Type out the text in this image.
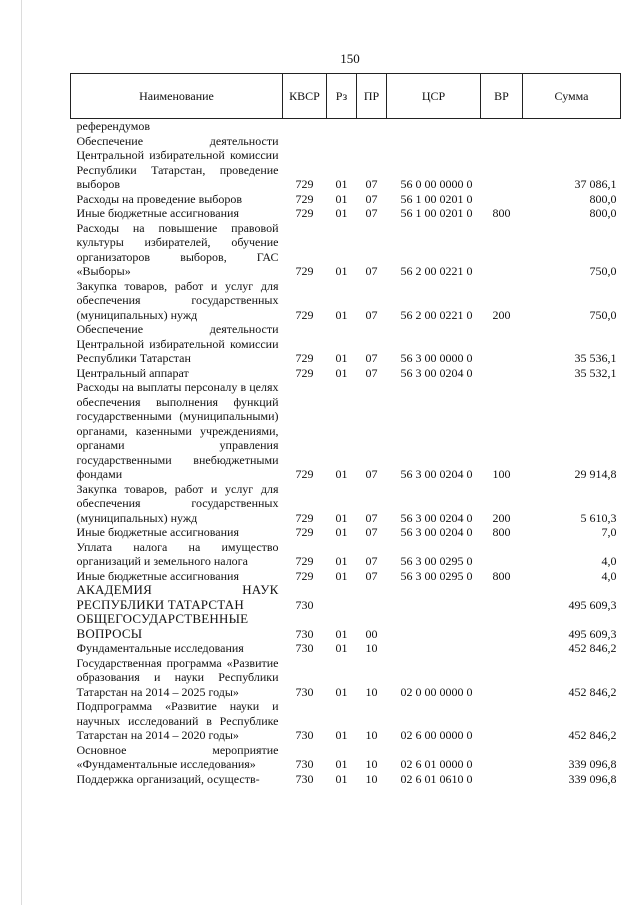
150
Наименование	КВСР	Рз	ПР	ЦСР	ВР	Сумма
референдумов						
Обеспечение деятельности Центральной избирательной комиссии Республики Татарстан, проведение выборов	729	01	07	56 0 00 0000 0		37 086,1
Расходы на проведение выборов	729	01	07	56 1 00 0201 0		800,0
Иные бюджетные ассигнования	729	01	07	56 1 00 0201 0	800	800,0
Расходы на повышение правовой культуры избирателей, обучение организаторов выборов, ГАС «Выборы»	729	01	07	56 2 00 0221 0		750,0
Закупка товаров, работ и услуг для обеспечения государственных (муниципальных) нужд	729	01	07	56 2 00 0221 0	200	750,0
Обеспечение деятельности Центральной избирательной комиссии Республики Татарстан	729	01	07	56 3 00 0000 0		35 536,1
Центральный аппарат	729	01	07	56 3 00 0204 0		35 532,1
Расходы на выплаты персоналу в целях обеспечения выполнения функций государственными (муниципальными) органами, казенными учреждениями, органами управления государственными внебюджетными фондами	729	01	07	56 3 00 0204 0	100	29 914,8
Закупка товаров, работ и услуг для обеспечения государственных (муниципальных) нужд	729	01	07	56 3 00 0204 0	200	5 610,3
Иные бюджетные ассигнования	729	01	07	56 3 00 0204 0	800	7,0
Уплата налога на имущество организаций и земельного налога	729	01	07	56 3 00 0295 0		4,0
Иные бюджетные ассигнования	729	01	07	56 3 00 0295 0	800	4,0
АКАДЕМИЯ НАУК РЕСПУБЛИКИ ТАТАРСТАН	730					495 609,3
ОБЩЕГОСУДАРСТВЕННЫЕ ВОПРОСЫ	730	01	00			495 609,3
Фундаментальные исследования	730	01	10			452 846,2
Государственная программа «Развитие образования и науки Республики Татарстан на 2014 – 2025 годы»	730	01	10	02 0 00 0000 0		452 846,2
Подпрограмма «Развитие науки и научных исследований в Республике Татарстан на 2014 – 2020 годы»	730	01	10	02 6 00 0000 0		452 846,2
Основное мероприятие «Фундаментальные исследования»	730	01	10	02 6 01 0000 0		339 096,8
Поддержка организаций, осуществ-	730	01	10	02 6 01 0610 0		339 096,8
